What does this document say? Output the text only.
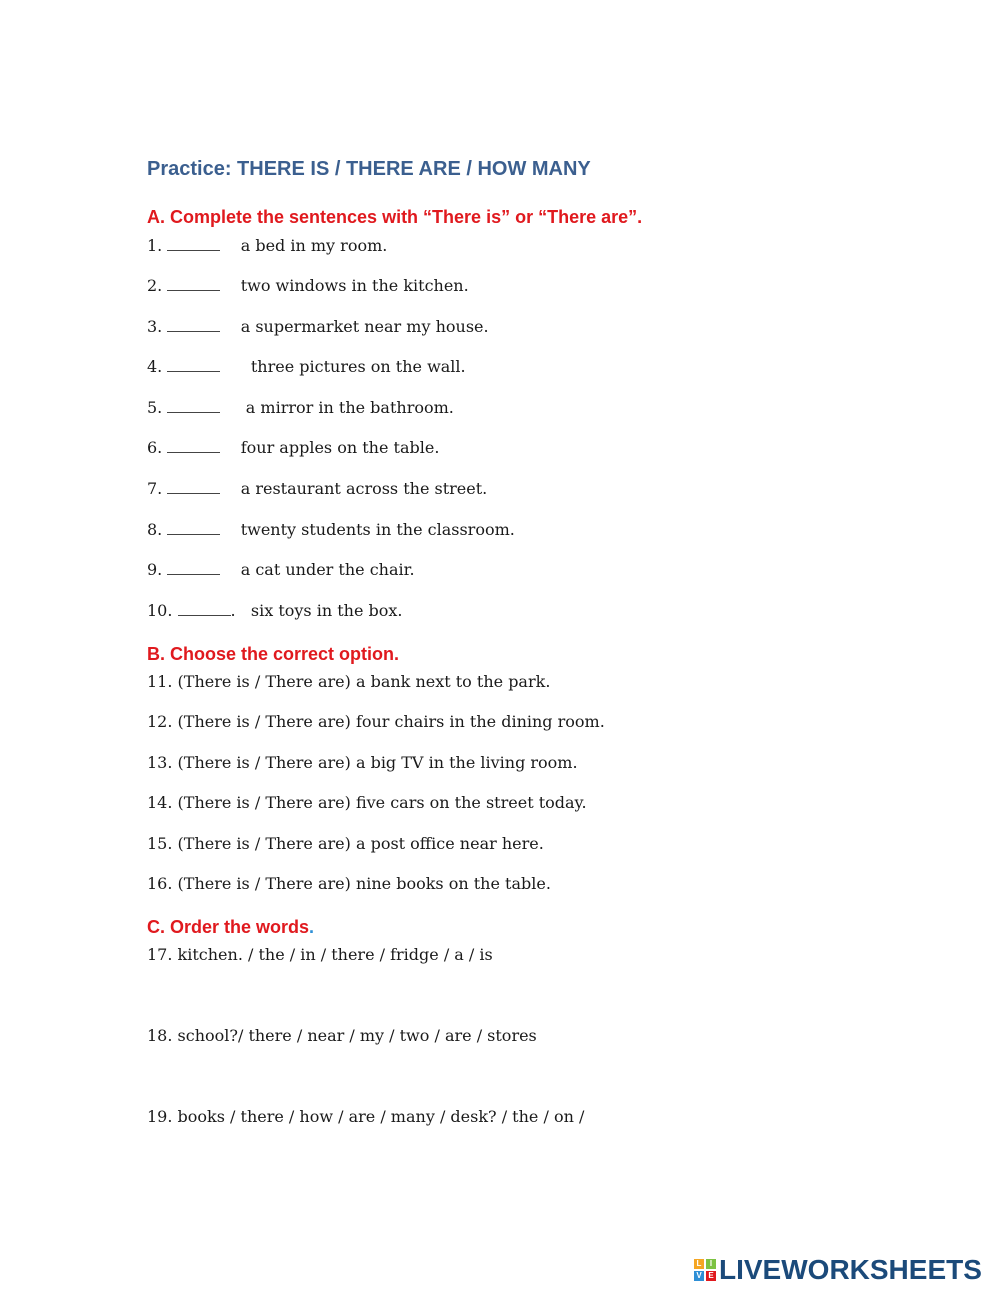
Practice: THERE IS / THERE ARE / HOW MANY
A. Complete the sentences with “There is” or “There are”.
1.	a bed in my room.
2.	two windows in the kitchen.
3.	a supermarket near my house.
4.	three pictures on the wall.
5.	a mirror in the bathroom.
6.	four apples on the table.
7.	a restaurant across the street.
8.	twenty students in the classroom.
9.	a cat under the chair.
10.	.   six toys in the box.
B. Choose the correct option.
11. (There is / There are) a bank next to the park.
12. (There is / There are) four chairs in the dining room.
13. (There is / There are) a big TV in the living room.
14. (There is / There are) five cars on the street today.
15. (There is / There are) a post office near here.
16. (There is / There are) nine books on the table.
C. Order the words.
17. kitchen. / the / in / there / fridge / a / is
18. school?/ there / near / my / two / are / stores
19. books / there / how / are / many / desk? / the / on /
L	I
V E LIVEWORKSHEETS
